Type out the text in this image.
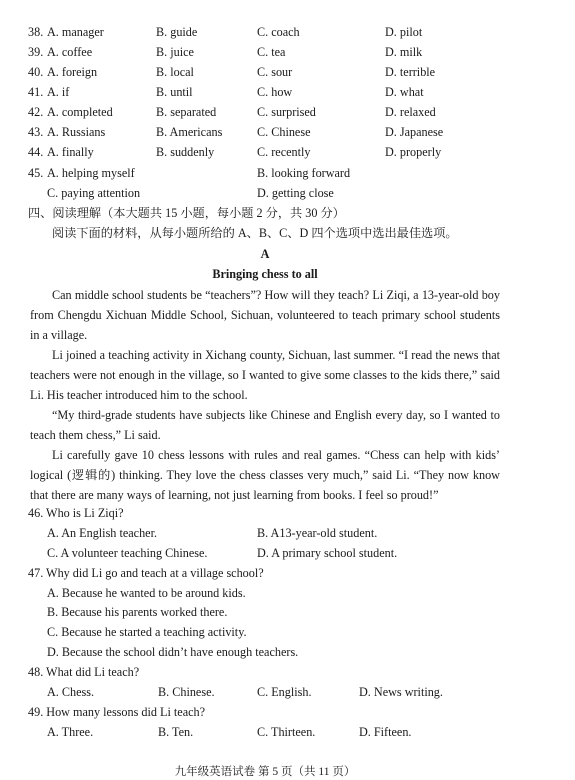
38. A. manager	B. guide	C. coach	D. pilot
39. A. coffee	B. juice	C. tea	D. milk
40. A. foreign	B. local	C. sour	D. terrible
41. A. if	B. until	C. how	D. what
42. A. completed	B. separated	C. surprised	D. relaxed
43. A. Russians	B. Americans	C. Chinese	D. Japanese
44. A. finally	B. suddenly	C. recently	D. properly
45. A. helping myself	B. looking forward
C. paying attention	D. getting close
四、阅读理解（本大题共 15 小题，每小题 2 分，共 30 分）
阅读下面的材料，从每小题所给的 A、B、C、D 四个选项中选出最佳选项。
A
Bringing chess to all
Can middle school students be “teachers”? How will they teach? Li Ziqi, a 13-year-old boy from Chengdu Xichuan Middle School, Sichuan, volunteered to teach primary school students in a village.
Li joined a teaching activity in Xichang county, Sichuan, last summer. “I read the news that teachers were not enough in the village, so I wanted to give some classes to the kids there,” said Li. His teacher introduced him to the school.
“My third-grade students have subjects like Chinese and English every day, so I wanted to teach them chess,” Li said.
Li carefully gave 10 chess lessons with rules and real games. “Chess can help with kids’ logical (逻辑的) thinking. They love the chess classes very much,” said Li. “They now know that there are many ways of learning, not just learning from books. I feel so proud!”
46. Who is Li Ziqi?
A. An English teacher.	B. A13-year-old student.
C. A volunteer teaching Chinese.	D. A primary school student.
47. Why did Li go and teach at a village school?
A. Because he wanted to be around kids.
B. Because his parents worked there.
C. Because he started a teaching activity.
D. Because the school didn’t have enough teachers.
48. What did Li teach?
A. Chess.	B. Chinese.	C. English.	D. News writing.
49. How many lessons did Li teach?
A. Three.	B. Ten.	C. Thirteen.	D. Fifteen.
九年级英语试卷 第 5 页（共 11 页）
